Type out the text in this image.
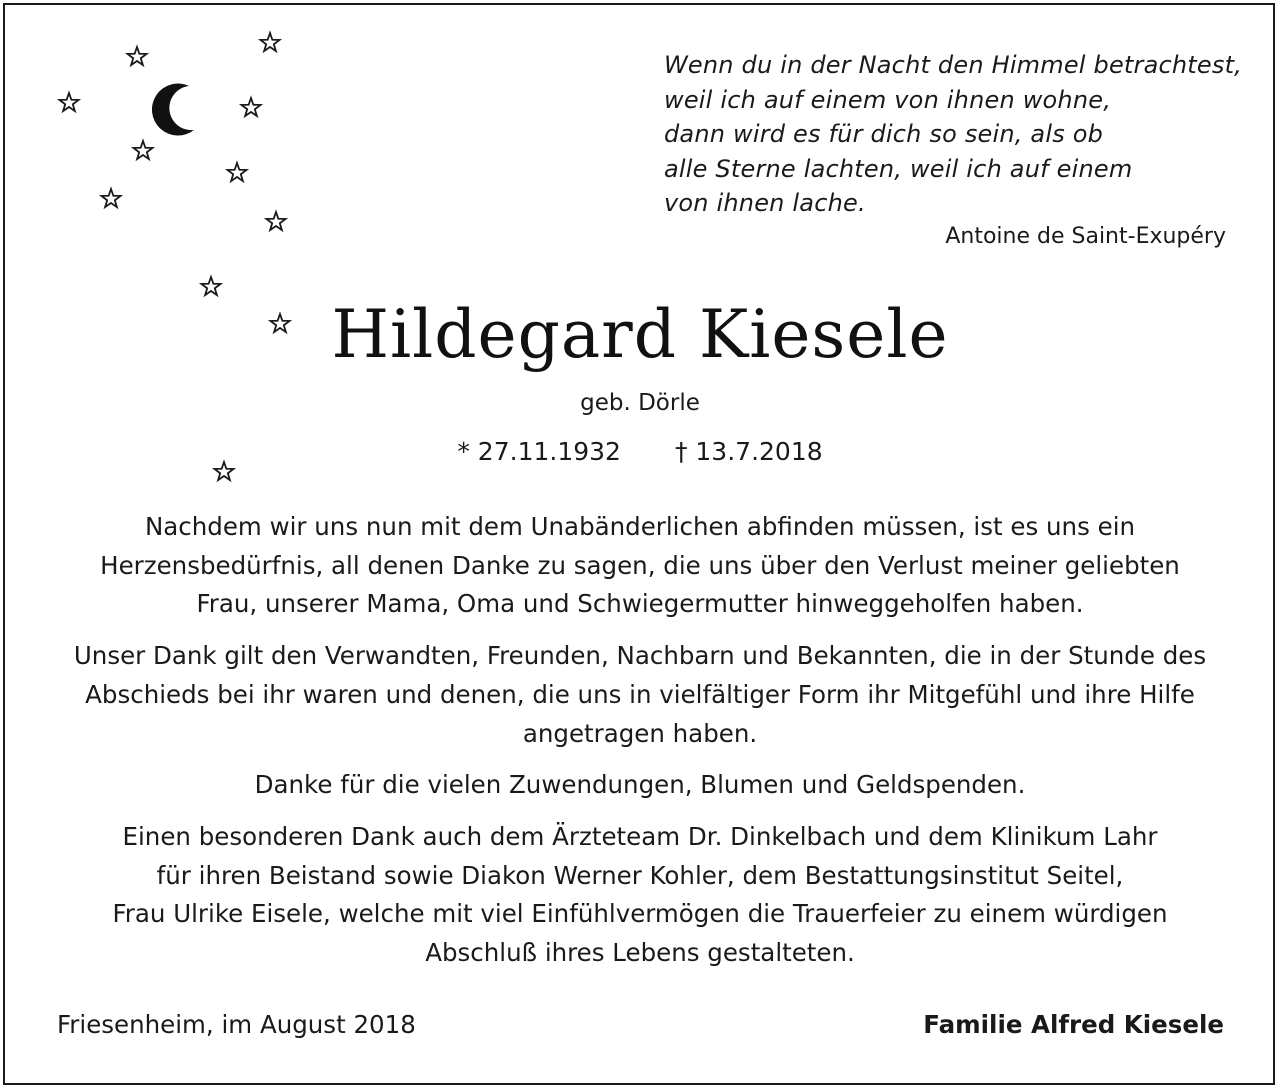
Wenn du in der Nacht den Himmel betrachtest,
weil ich auf einem von ihnen wohne,
dann wird es für dich so sein, als ob
alle Sterne lachten, weil ich auf einem
von ihnen lache.
Antoine de Saint-Exupéry
Hildegard Kiesele
geb. Dörle
* 27.11.1932 † 13.7.2018
Nachdem wir uns nun mit dem Unabänderlichen abfinden müssen, ist es uns ein
Herzensbedürfnis, all denen Danke zu sagen, die uns über den Verlust meiner geliebten
Frau, unserer Mama, Oma und Schwiegermutter hinweggeholfen haben.
Unser Dank gilt den Verwandten, Freunden, Nachbarn und Bekannten, die in der Stunde des
Abschieds bei ihr waren und denen, die uns in vielfältiger Form ihr Mitgefühl und ihre Hilfe
angetragen haben.
Danke für die vielen Zuwendungen, Blumen und Geldspenden.
Einen besonderen Dank auch dem Ärzteteam Dr. Dinkelbach und dem Klinikum Lahr
für ihren Beistand sowie Diakon Werner Kohler, dem Bestattungsinstitut Seitel,
Frau Ulrike Eisele, welche mit viel Einfühlvermögen die Trauerfeier zu einem würdigen
Abschluß ihres Lebens gestalteten.
Friesenheim, im August 2018	Familie Alfred Kiesele
